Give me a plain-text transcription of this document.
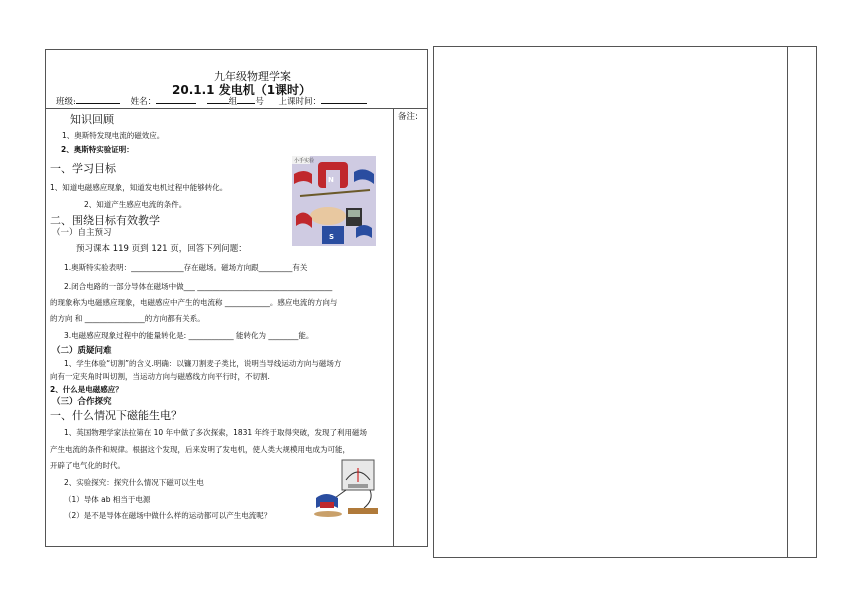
九年级物理学案
20.1.1 发电机（1课时）
班级:	姓名：	组 号 上课时间：
备注:
知识回顾
1、奥斯特发现电流的磁效应。
2、奥斯特实验证明：
一、学习目标
1、知道电磁感应现象，知道发电机过程中能够转化。
2、知道产生感应电流的条件。
小手实验
N
S
二、围绕目标有效教学
（一）自主预习
预习课本 119 页到 121 页，回答下列问题：
1.奥斯特实验表明：______________存在磁场。磁场方向跟_________有关
2.闭合电路的一部分导体在磁场中做___ ____________________________________
的现象称为电磁感应现象，电磁感应中产生的电流称 ____________。感应电流的方向与
的方向 和 ________________的方向都有关系。
3.电磁感应现象过程中的能量转化是: ____________ 能转化为 ________能。
（二）质疑问难
1、学生体验“切割”的含义.明确：以镰刀割麦子类比，说明当导线运动方向与磁场方
向有一定夹角时叫切割，当运动方向与磁感线方向平行时，不切割.
2、什么是电磁感应？
（三）合作探究
一、什么情况下磁能生电？
1、英国物理学家法拉第在 10 年中做了多次探索，1831 年终于取得突破，发现了利用磁场
产生电流的条件和规律。根据这个发现，后来发明了发电机，使人类大规模用电成为可能，
开辟了电气化的时代。
2、实验探究：探究什么情况下磁可以生电
（1）导体 ab 相当于电源
（2）是不是导体在磁场中做什么样的运动都可以产生电流呢？
